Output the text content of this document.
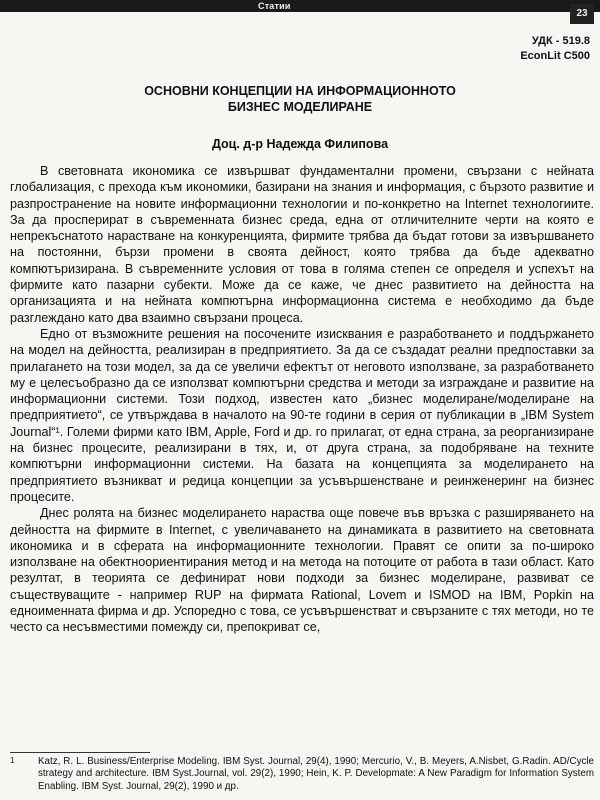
Статии
23
УДК - 519.8
EconLit C500
ОСНОВНИ КОНЦЕПЦИИ НА ИНФОРМАЦИОННОТО
БИЗНЕС МОДЕЛИРАНЕ
Доц. д-р Надежда Филипова

В световната икономика се извършват фундаментални промени, свързани с нейната глобализация, с прехода към икономики, базирани на знания и информация, с бързото развитие и разпространение на новите информационни технологии и по-конкретно на Internet технологиите. За да просперират в съвременната бизнес среда, една от отличителните черти на която е непрекъснатото нарастване на конкуренцията, фирмите трябва да бъдат готови за извършването на постоянни, бързи промени в своята дейност, която трябва да бъде адекватно компютъризирана. В съвременните условия от това в голяма степен се определя и успехът на фирмите като пазарни субекти. Може да се каже, че днес развитието на дейността на организацията и на нейната компютърна информационна система е необходимо да бъде разглеждано като два взаимно свързани процеса.

Едно от възможните решения на посочените изисквания е разработването и поддържането на модел на дейността, реализиран в предприятието. За да се създадат реални предпоставки за прилагането на този модел, за да се увеличи ефектът от неговото използване, за разработването му е целесъобразно да се използват компютърни средства и методи за изграждане и развитие на информационни системи. Този подход, известен като „бизнес моделиране/моделиране на предприятието“, се утвърждава в началото на 90-те години в серия от публикации в „IBM System Journal“¹. Големи фирми като IBM, Apple, Ford и др. го прилагат, от една страна, за реорганизиране на бизнес процесите, реализирани в тях, и, от друга страна, за подобряване на техните компютърни информационни системи. На базата на концепцията за моделирането на предприятието възникват и редица концепции за усъвършенстване и реинженеринг на бизнес процесите.

Днес ролята на бизнес моделирането нараства още повече във връзка с разширяването на дейността на фирмите в Internet, с увеличаването на динамиката в развитието на световната икономика и в сферата на информационните технологии. Правят се опити за по-широко използване на обектноориентирания метод и на метода на потоците от работа в тази област. Като резултат, в теорията се дефинират нови подходи за бизнес моделиране, развиват се съществуващите - например RUP на фирмата Rational, Lovem и ISMOD на IBM, Popkin на едноименната фирма и др. Успоредно с това, се усъвършенстват и свързаните с тях методи, но те често са несъвместими помежду си, препокриват се,

1	Katz, R. L. Business/Enterprise Modeling. IBM Syst. Journal, 29(4), 1990; Mercurio, V., B. Meyers, A.Nisbet, G.Radin. AD/Cycle strategy and architecture. IBM Syst.Journal, vol. 29(2), 1990; Hein, K. P. Developmate: A New Paradigm for Information System Enabling. IBM Syst. Journal, 29(2), 1990 и др.
